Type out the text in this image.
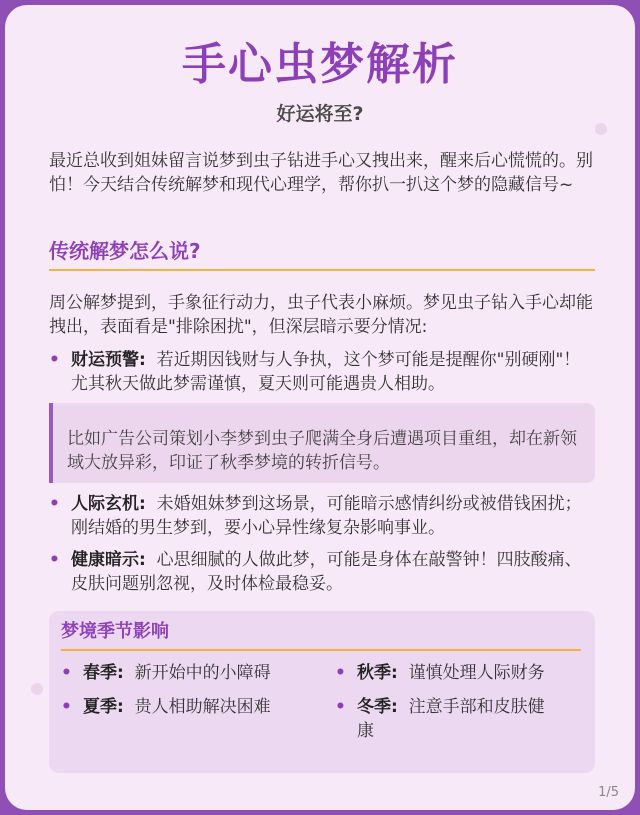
手心虫梦解析
好运将至?

最近总收到姐妹留言说梦到虫子钻进手心又拽出来，醒来后心慌慌的。别怕！今天结合传统解梦和现代心理学，帮你扒一扒这个梦的隐藏信号~

传统解梦怎么说?

周公解梦提到，手象征行动力，虫子代表小麻烦。梦见虫子钻入手心却能拽出，表面看是"排除困扰"，但深层暗示要分情况:

• 财运预警: 若近期因钱财与人争执，这个梦可能是提醒你"别硬刚"！尤其秋天做此梦需谨慎，夏天则可能遇贵人相助。
比如广告公司策划小李梦到虫子爬满全身后遭遇项目重组，却在新领域大放异彩，印证了秋季梦境的转折信号。
• 人际玄机: 未婚姐妹梦到这场景，可能暗示感情纠纷或被借钱困扰；刚结婚的男生梦到，要小心异性缘复杂影响事业。
• 健康暗示: 心思细腻的人做此梦，可能是身体在敲警钟！四肢酸痛、皮肤问题别忽视，及时体检最稳妥。
梦境季节影响
• 春季: 新开始中的小障碍	• 秋季: 谨慎处理人际财务
• 夏季: 贵人相助解决困难	• 冬季: 注意手部和皮肤健康
1/5
